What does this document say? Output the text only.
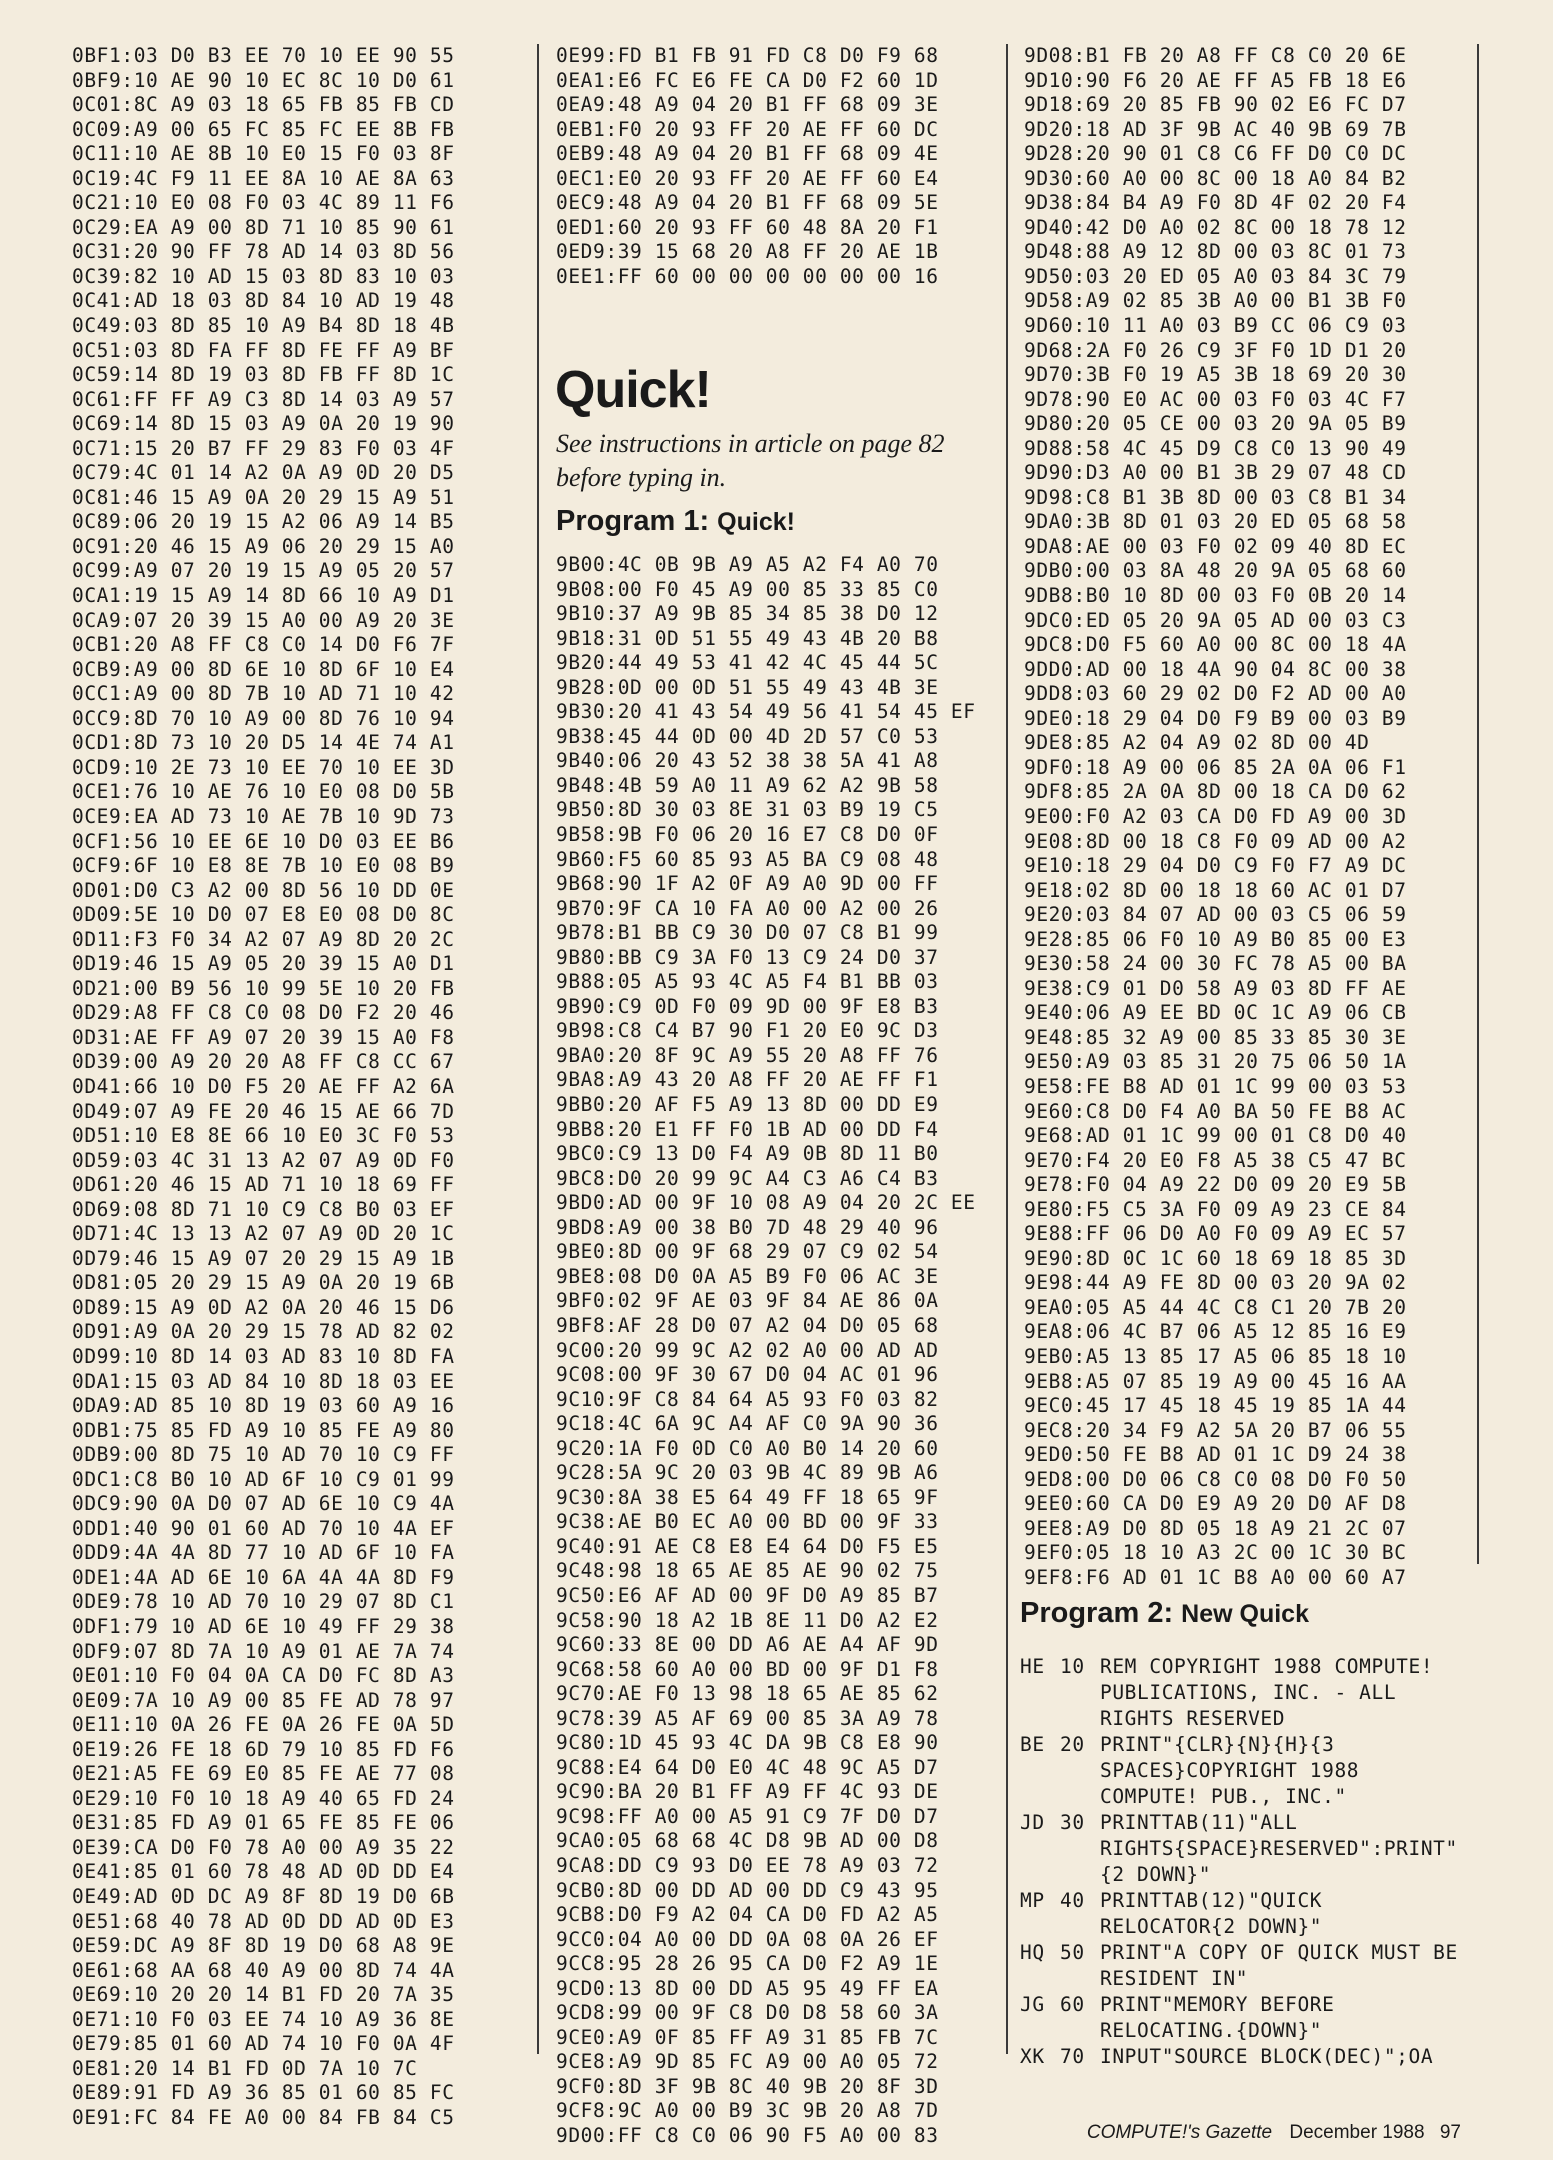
0BF1:03 D0 B3 EE 70 10 EE 90 55
0BF9:10 AE 90 10 EC 8C 10 D0 61
0C01:8C A9 03 18 65 FB 85 FB CD
0C09:A9 00 65 FC 85 FC EE 8B FB
0C11:10 AE 8B 10 E0 15 F0 03 8F
0C19:4C F9 11 EE 8A 10 AE 8A 63
0C21:10 E0 08 F0 03 4C 89 11 F6
0C29:EA A9 00 8D 71 10 85 90 61
0C31:20 90 FF 78 AD 14 03 8D 56
0C39:82 10 AD 15 03 8D 83 10 03
0C41:AD 18 03 8D 84 10 AD 19 48
0C49:03 8D 85 10 A9 B4 8D 18 4B
0C51:03 8D FA FF 8D FE FF A9 BF
0C59:14 8D 19 03 8D FB FF 8D 1C
0C61:FF FF A9 C3 8D 14 03 A9 57
0C69:14 8D 15 03 A9 0A 20 19 90
0C71:15 20 B7 FF 29 83 F0 03 4F
0C79:4C 01 14 A2 0A A9 0D 20 D5
0C81:46 15 A9 0A 20 29 15 A9 51
0C89:06 20 19 15 A2 06 A9 14 B5
0C91:20 46 15 A9 06 20 29 15 A0
0C99:A9 07 20 19 15 A9 05 20 57
0CA1:19 15 A9 14 8D 66 10 A9 D1
0CA9:07 20 39 15 A0 00 A9 20 3E
0CB1:20 A8 FF C8 C0 14 D0 F6 7F
0CB9:A9 00 8D 6E 10 8D 6F 10 E4
0CC1:A9 00 8D 7B 10 AD 71 10 42
0CC9:8D 70 10 A9 00 8D 76 10 94
0CD1:8D 73 10 20 D5 14 4E 74 A1
0CD9:10 2E 73 10 EE 70 10 EE 3D
0CE1:76 10 AE 76 10 E0 08 D0 5B
0CE9:EA AD 73 10 AE 7B 10 9D 73
0CF1:56 10 EE 6E 10 D0 03 EE B6
0CF9:6F 10 E8 8E 7B 10 E0 08 B9
0D01:D0 C3 A2 00 8D 56 10 DD 0E
0D09:5E 10 D0 07 E8 E0 08 D0 8C
0D11:F3 F0 34 A2 07 A9 8D 20 2C
0D19:46 15 A9 05 20 39 15 A0 D1
0D21:00 B9 56 10 99 5E 10 20 FB
0D29:A8 FF C8 C0 08 D0 F2 20 46
0D31:AE FF A9 07 20 39 15 A0 F8
0D39:00 A9 20 20 A8 FF C8 CC 67
0D41:66 10 D0 F5 20 AE FF A2 6A
0D49:07 A9 FE 20 46 15 AE 66 7D
0D51:10 E8 8E 66 10 E0 3C F0 53
0D59:03 4C 31 13 A2 07 A9 0D F0
0D61:20 46 15 AD 71 10 18 69 FF
0D69:08 8D 71 10 C9 C8 B0 03 EF
0D71:4C 13 13 A2 07 A9 0D 20 1C
0D79:46 15 A9 07 20 29 15 A9 1B
0D81:05 20 29 15 A9 0A 20 19 6B
0D89:15 A9 0D A2 0A 20 46 15 D6
0D91:A9 0A 20 29 15 78 AD 82 02
0D99:10 8D 14 03 AD 83 10 8D FA
0DA1:15 03 AD 84 10 8D 18 03 EE
0DA9:AD 85 10 8D 19 03 60 A9 16
0DB1:75 85 FD A9 10 85 FE A9 80
0DB9:00 8D 75 10 AD 70 10 C9 FF
0DC1:C8 B0 10 AD 6F 10 C9 01 99
0DC9:90 0A D0 07 AD 6E 10 C9 4A
0DD1:40 90 01 60 AD 70 10 4A EF
0DD9:4A 4A 8D 77 10 AD 6F 10 FA
0DE1:4A AD 6E 10 6A 4A 4A 8D F9
0DE9:78 10 AD 70 10 29 07 8D C1
0DF1:79 10 AD 6E 10 49 FF 29 38
0DF9:07 8D 7A 10 A9 01 AE 7A 74
0E01:10 F0 04 0A CA D0 FC 8D A3
0E09:7A 10 A9 00 85 FE AD 78 97
0E11:10 0A 26 FE 0A 26 FE 0A 5D
0E19:26 FE 18 6D 79 10 85 FD F6
0E21:A5 FE 69 E0 85 FE AE 77 08
0E29:10 F0 10 18 A9 40 65 FD 24
0E31:85 FD A9 01 65 FE 85 FE 06
0E39:CA D0 F0 78 A0 00 A9 35 22
0E41:85 01 60 78 48 AD 0D DD E4
0E49:AD 0D DC A9 8F 8D 19 D0 6B
0E51:68 40 78 AD 0D DD AD 0D E3
0E59:DC A9 8F 8D 19 D0 68 A8 9E
0E61:68 AA 68 40 A9 00 8D 74 4A
0E69:10 20 20 14 B1 FD 20 7A 35
0E71:10 F0 03 EE 74 10 A9 36 8E
0E79:85 01 60 AD 74 10 F0 0A 4F
0E81:20 14 B1 FD 0D 7A 10 7C
0E89:91 FD A9 36 85 01 60 85 FC
0E91:FC 84 FE A0 00 84 FB 84 C5
0E99:FD B1 FB 91 FD C8 D0 F9 68
0EA1:E6 FC E6 FE CA D0 F2 60 1D
0EA9:48 A9 04 20 B1 FF 68 09 3E
0EB1:F0 20 93 FF 20 AE FF 60 DC
0EB9:48 A9 04 20 B1 FF 68 09 4E
0EC1:E0 20 93 FF 20 AE FF 60 E4
0EC9:48 A9 04 20 B1 FF 68 09 5E
0ED1:60 20 93 FF 60 48 8A 20 F1
0ED9:39 15 68 20 A8 FF 20 AE 1B
0EE1:FF 60 00 00 00 00 00 00 16
Quick!
See instructions in article on page 82 before typing in.
Program 1: Quick!
9B00:4C 0B 9B A9 A5 A2 F4 A0 70
9B08:00 F0 45 A9 00 85 33 85 C0
9B10:37 A9 9B 85 34 85 38 D0 12
9B18:31 0D 51 55 49 43 4B 20 B8
9B20:44 49 53 41 42 4C 45 44 5C
9B28:0D 00 0D 51 55 49 43 4B 3E
9B30:20 41 43 54 49 56 41 54 45 EF
9B38:45 44 0D 00 4D 2D 57 C0 53
9B40:06 20 43 52 38 38 5A 41 A8
9B48:4B 59 A0 11 A9 62 A2 9B 58
9B50:8D 30 03 8E 31 03 B9 19 C5
9B58:9B F0 06 20 16 E7 C8 D0 0F
9B60:F5 60 85 93 A5 BA C9 08 48
9B68:90 1F A2 0F A9 A0 9D 00 FF
9B70:9F CA 10 FA A0 00 A2 00 26
9B78:B1 BB C9 30 D0 07 C8 B1 99
9B80:BB C9 3A F0 13 C9 24 D0 37
9B88:05 A5 93 4C A5 F4 B1 BB 03
9B90:C9 0D F0 09 9D 00 9F E8 B3
9B98:C8 C4 B7 90 F1 20 E0 9C D3
9BA0:20 8F 9C A9 55 20 A8 FF 76
9BA8:A9 43 20 A8 FF 20 AE FF F1
9BB0:20 AF F5 A9 13 8D 00 DD E9
9BB8:20 E1 FF F0 1B AD 00 DD F4
9BC0:C9 13 D0 F4 A9 0B 8D 11 B0
9BC8:D0 20 99 9C A4 C3 A6 C4 B3
9BD0:AD 00 9F 10 08 A9 04 20 2C EE
9BD8:A9 00 38 B0 7D 48 29 40 96
9BE0:8D 00 9F 68 29 07 C9 02 54
9BE8:08 D0 0A A5 B9 F0 06 AC 3E
9BF0:02 9F AE 03 9F 84 AE 86 0A
9BF8:AF 28 D0 07 A2 04 D0 05 68
9C00:20 99 9C A2 02 A0 00 AD AD
9C08:00 9F 30 67 D0 04 AC 01 96
9C10:9F C8 84 64 A5 93 F0 03 82
9C18:4C 6A 9C A4 AF C0 9A 90 36
9C20:1A F0 0D C0 A0 B0 14 20 60
9C28:5A 9C 20 03 9B 4C 89 9B A6
9C30:8A 38 E5 64 49 FF 18 65 9F
9C38:AE B0 EC A0 00 BD 00 9F 33
9C40:91 AE C8 E8 E4 64 D0 F5 E5
9C48:98 18 65 AE 85 AE 90 02 75
9C50:E6 AF AD 00 9F D0 A9 85 B7
9C58:90 18 A2 1B 8E 11 D0 A2 E2
9C60:33 8E 00 DD A6 AE A4 AF 9D
9C68:58 60 A0 00 BD 00 9F D1 F8
9C70:AE F0 13 98 18 65 AE 85 62
9C78:39 A5 AF 69 00 85 3A A9 78
9C80:1D 45 93 4C DA 9B C8 E8 90
9C88:E4 64 D0 E0 4C 48 9C A5 D7
9C90:BA 20 B1 FF A9 FF 4C 93 DE
9C98:FF A0 00 A5 91 C9 7F D0 D7
9CA0:05 68 68 4C D8 9B AD 00 D8
9CA8:DD C9 93 D0 EE 78 A9 03 72
9CB0:8D 00 DD AD 00 DD C9 43 95
9CB8:D0 F9 A2 04 CA D0 FD A2 A5
9CC0:04 A0 00 DD 0A 08 0A 26 EF
9CC8:95 28 26 95 CA D0 F2 A9 1E
9CD0:13 8D 00 DD A5 95 49 FF EA
9CD8:99 00 9F C8 D0 D8 58 60 3A
9CE0:A9 0F 85 FF A9 31 85 FB 7C
9CE8:A9 9D 85 FC A9 00 A0 05 72
9CF0:8D 3F 9B 8C 40 9B 20 8F 3D
9CF8:9C A0 00 B9 3C 9B 20 A8 7D
9D00:FF C8 C0 06 90 F5 A0 00 83
9D08:B1 FB 20 A8 FF C8 C0 20 6E
9D10:90 F6 20 AE FF A5 FB 18 E6
9D18:69 20 85 FB 90 02 E6 FC D7
9D20:18 AD 3F 9B AC 40 9B 69 7B
9D28:20 90 01 C8 C6 FF D0 C0 DC
9D30:60 A0 00 8C 00 18 A0 84 B2
9D38:84 B4 A9 F0 8D 4F 02 20 F4
9D40:42 D0 A0 02 8C 00 18 78 12
9D48:88 A9 12 8D 00 03 8C 01 73
9D50:03 20 ED 05 A0 03 84 3C 79
9D58:A9 02 85 3B A0 00 B1 3B F0
9D60:10 11 A0 03 B9 CC 06 C9 03
9D68:2A F0 26 C9 3F F0 1D D1 20
9D70:3B F0 19 A5 3B 18 69 20 30
9D78:90 E0 AC 00 03 F0 03 4C F7
9D80:20 05 CE 00 03 20 9A 05 B9
9D88:58 4C 45 D9 C8 C0 13 90 49
9D90:D3 A0 00 B1 3B 29 07 48 CD
9D98:C8 B1 3B 8D 00 03 C8 B1 34
9DA0:3B 8D 01 03 20 ED 05 68 58
9DA8:AE 00 03 F0 02 09 40 8D EC
9DB0:00 03 8A 48 20 9A 05 68 60
9DB8:B0 10 8D 00 03 F0 0B 20 14
9DC0:ED 05 20 9A 05 AD 00 03 C3
9DC8:D0 F5 60 A0 00 8C 00 18 4A
9DD0:AD 00 18 4A 90 04 8C 00 38
9DD8:03 60 29 02 D0 F2 AD 00 A0
9DE0:18 29 04 D0 F9 B9 00 03 B9
9DE8:85 A2 04 A9 02 8D 00 4D
9DF0:18 A9 00 06 85 2A 0A 06 F1
9DF8:85 2A 0A 8D 00 18 CA D0 62
9E00:F0 A2 03 CA D0 FD A9 00 3D
9E08:8D 00 18 C8 F0 09 AD 00 A2
9E10:18 29 04 D0 C9 F0 F7 A9 DC
9E18:02 8D 00 18 18 60 AC 01 D7
9E20:03 84 07 AD 00 03 C5 06 59
9E28:85 06 F0 10 A9 B0 85 00 E3
9E30:58 24 00 30 FC 78 A5 00 BA
9E38:C9 01 D0 58 A9 03 8D FF AE
9E40:06 A9 EE BD 0C 1C A9 06 CB
9E48:85 32 A9 00 85 33 85 30 3E
9E50:A9 03 85 31 20 75 06 50 1A
9E58:FE B8 AD 01 1C 99 00 03 53
9E60:C8 D0 F4 A0 BA 50 FE B8 AC
9E68:AD 01 1C 99 00 01 C8 D0 40
9E70:F4 20 E0 F8 A5 38 C5 47 BC
9E78:F0 04 A9 22 D0 09 20 E9 5B
9E80:F5 C5 3A F0 09 A9 23 CE 84
9E88:FF 06 D0 A0 F0 09 A9 EC 57
9E90:8D 0C 1C 60 18 69 18 85 3D
9E98:44 A9 FE 8D 00 03 20 9A 02
9EA0:05 A5 44 4C C8 C1 20 7B 20
9EA8:06 4C B7 06 A5 12 85 16 E9
9EB0:A5 13 85 17 A5 06 85 18 10
9EB8:A5 07 85 19 A9 00 45 16 AA
9EC0:45 17 45 18 45 19 85 1A 44
9EC8:20 34 F9 A2 5A 20 B7 06 55
9ED0:50 FE B8 AD 01 1C D9 24 38
9ED8:00 D0 06 C8 C0 08 D0 F0 50
9EE0:60 CA D0 E9 A9 20 D0 AF D8
9EE8:A9 D0 8D 05 18 A9 21 2C 07
9EF0:05 18 10 A3 2C 00 1C 30 BC
9EF8:F6 AD 01 1C B8 A0 00 60 A7
Program 2: New Quick
HE 10 REM COPYRIGHT 1988 COMPUTE! PUBLICATIONS, INC. - ALL RIGHTS RESERVED
BE 20 PRINT"{CLR}{N}{H}{3 SPACES}COPYRIGHT 1988 COMPUTE! PUB., INC."
JD 30 PRINTTAB(11)"ALL RIGHTS{SPACE}RESERVED":PRINT"{2 DOWN}"
MP 40 PRINTTAB(12)"QUICK RELOCATOR{2 DOWN}"
HQ 50 PRINT"A COPY OF QUICK MUST BE RESIDENT IN"
JG 60 PRINT"MEMORY BEFORE RELOCATING.{DOWN}"
XK 70 INPUT"SOURCE BLOCK(DEC)";OA
COMPUTE!'s Gazette December 1988 97
